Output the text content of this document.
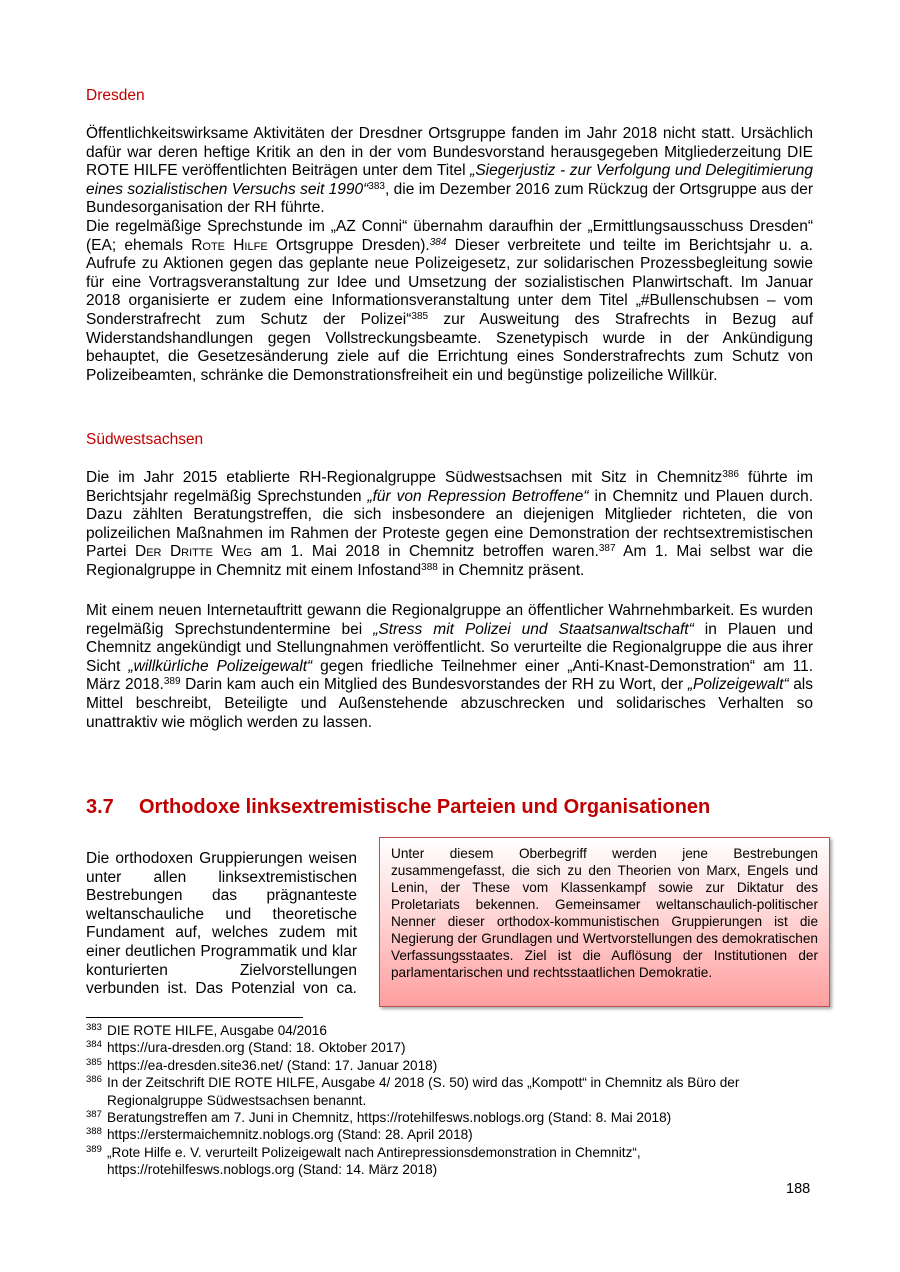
Dresden

Öffentlichkeitswirksame Aktivitäten der Dresdner Ortsgruppe fanden im Jahr 2018 nicht statt. Ursächlich dafür war deren heftige Kritik an den in der vom Bundesvorstand herausgegeben Mitgliederzeitung DIE ROTE HILFE veröffentlichten Beiträgen unter dem Titel „Siegerjustiz - zur Verfolgung und Delegitimierung eines sozialistischen Versuchs seit 1990“$^{383}$, die im Dezember 2016 zum Rückzug der Ortsgruppe aus der Bundesorganisation der RH führte.

Die regelmäßige Sprechstunde im „AZ Conni“ übernahm daraufhin der „Ermittlungsausschuss Dresden“ (EA; ehemals Rote Hilfe Ortsgruppe Dresden).$^{384}$ Dieser verbreitete und teilte im Berichtsjahr u. a. Aufrufe zu Aktionen gegen das geplante neue Polizeigesetz, zur solidarischen Prozessbegleitung sowie für eine Vortragsveranstaltung zur Idee und Umsetzung der sozialistischen Planwirtschaft. Im Januar 2018 organisierte er zudem eine Informationsveranstaltung unter dem Titel „#Bullenschubsen – vom Sonderstrafrecht zum Schutz der Polizei“$^{385}$ zur Ausweitung des Strafrechts in Bezug auf Widerstandshandlungen gegen Vollstreckungsbeamte. Szenetypisch wurde in der Ankündigung behauptet, die Gesetzesänderung ziele auf die Errichtung eines Sonderstrafrechts zum Schutz von Polizeibeamten, schränke die Demonstrationsfreiheit ein und begünstige polizeiliche Willkür.

Südwestsachsen

Die im Jahr 2015 etablierte RH-Regionalgruppe Südwestsachsen mit Sitz in Chemnitz$^{386}$ führte im Berichtsjahr regelmäßig Sprechstunden „für von Repression Betroffene“ in Chemnitz und Plauen durch. Dazu zählten Beratungstreffen, die sich insbesondere an diejenigen Mitglieder richteten, die von polizeilichen Maßnahmen im Rahmen der Proteste gegen eine Demonstration der rechtsextremistischen Partei Der Dritte Weg am 1. Mai 2018 in Chemnitz betroffen waren.$^{387}$ Am 1. Mai selbst war die Regionalgruppe in Chemnitz mit einem Infostand$^{388}$ in Chemnitz präsent.

Mit einem neuen Internetauftritt gewann die Regionalgruppe an öffentlicher Wahrnehmbarkeit. Es wurden regelmäßig Sprechstundentermine bei „Stress mit Polizei und Staatsanwaltschaft“ in Plauen und Chemnitz angekündigt und Stellungnahmen veröffentlicht. So verurteilte die Regionalgruppe die aus ihrer Sicht „willkürliche Polizeigewalt“ gegen friedliche Teilnehmer einer „Anti-Knast-Demonstration“ am 11. März 2018.$^{389}$ Darin kam auch ein Mitglied des Bundesvorstandes der RH zu Wort, der „Polizeigewalt“ als Mittel beschreibt, Beteiligte und Außenstehende abzuschrecken und solidarisches Verhalten so unattraktiv wie möglich werden zu lassen.

3.7 Orthodoxe linksextremistische Parteien und Organisationen

Die orthodoxen Gruppierungen weisen unter allen linksextremistischen Bestrebungen das prägnanteste weltanschauliche und theoretische Fundament auf, welches zudem mit einer deutlichen Programmatik und klar konturierten Zielvorstellungen verbunden ist. Das Potenzial von ca.

Unter diesem Oberbegriff werden jene Bestrebungen zusammengefasst, die sich zu den Theorien von Marx, Engels und Lenin, der These vom Klassenkampf sowie zur Diktatur des Proletariats bekennen. Gemeinsamer weltanschaulich-politischer Nenner dieser orthodox-kommunistischen Gruppierungen ist die Negierung der Grundlagen und Wertvorstellungen des demokratischen Verfassungsstaates. Ziel ist die Auflösung der Institutionen der parlamentarischen und rechtsstaatlichen Demokratie.
383 DIE ROTE HILFE, Ausgabe 04/2016
384 https://ura-dresden.org (Stand: 18. Oktober 2017)
385 https://ea-dresden.site36.net/ (Stand: 17. Januar 2018)
386 In der Zeitschrift DIE ROTE HILFE, Ausgabe 4/ 2018 (S. 50) wird das „Kompott“ in Chemnitz als Büro der Regionalgruppe Südwestsachsen benannt.
387 Beratungstreffen am 7. Juni in Chemnitz, https://rotehilfesws.noblogs.org (Stand: 8. Mai 2018)
388 https://erstermaichemnitz.noblogs.org (Stand: 28. April 2018)
389 „Rote Hilfe e. V. verurteilt Polizeigewalt nach Antirepressionsdemonstration in Chemnitz“, https://rotehilfesws.noblogs.org (Stand: 14. März 2018)
188
